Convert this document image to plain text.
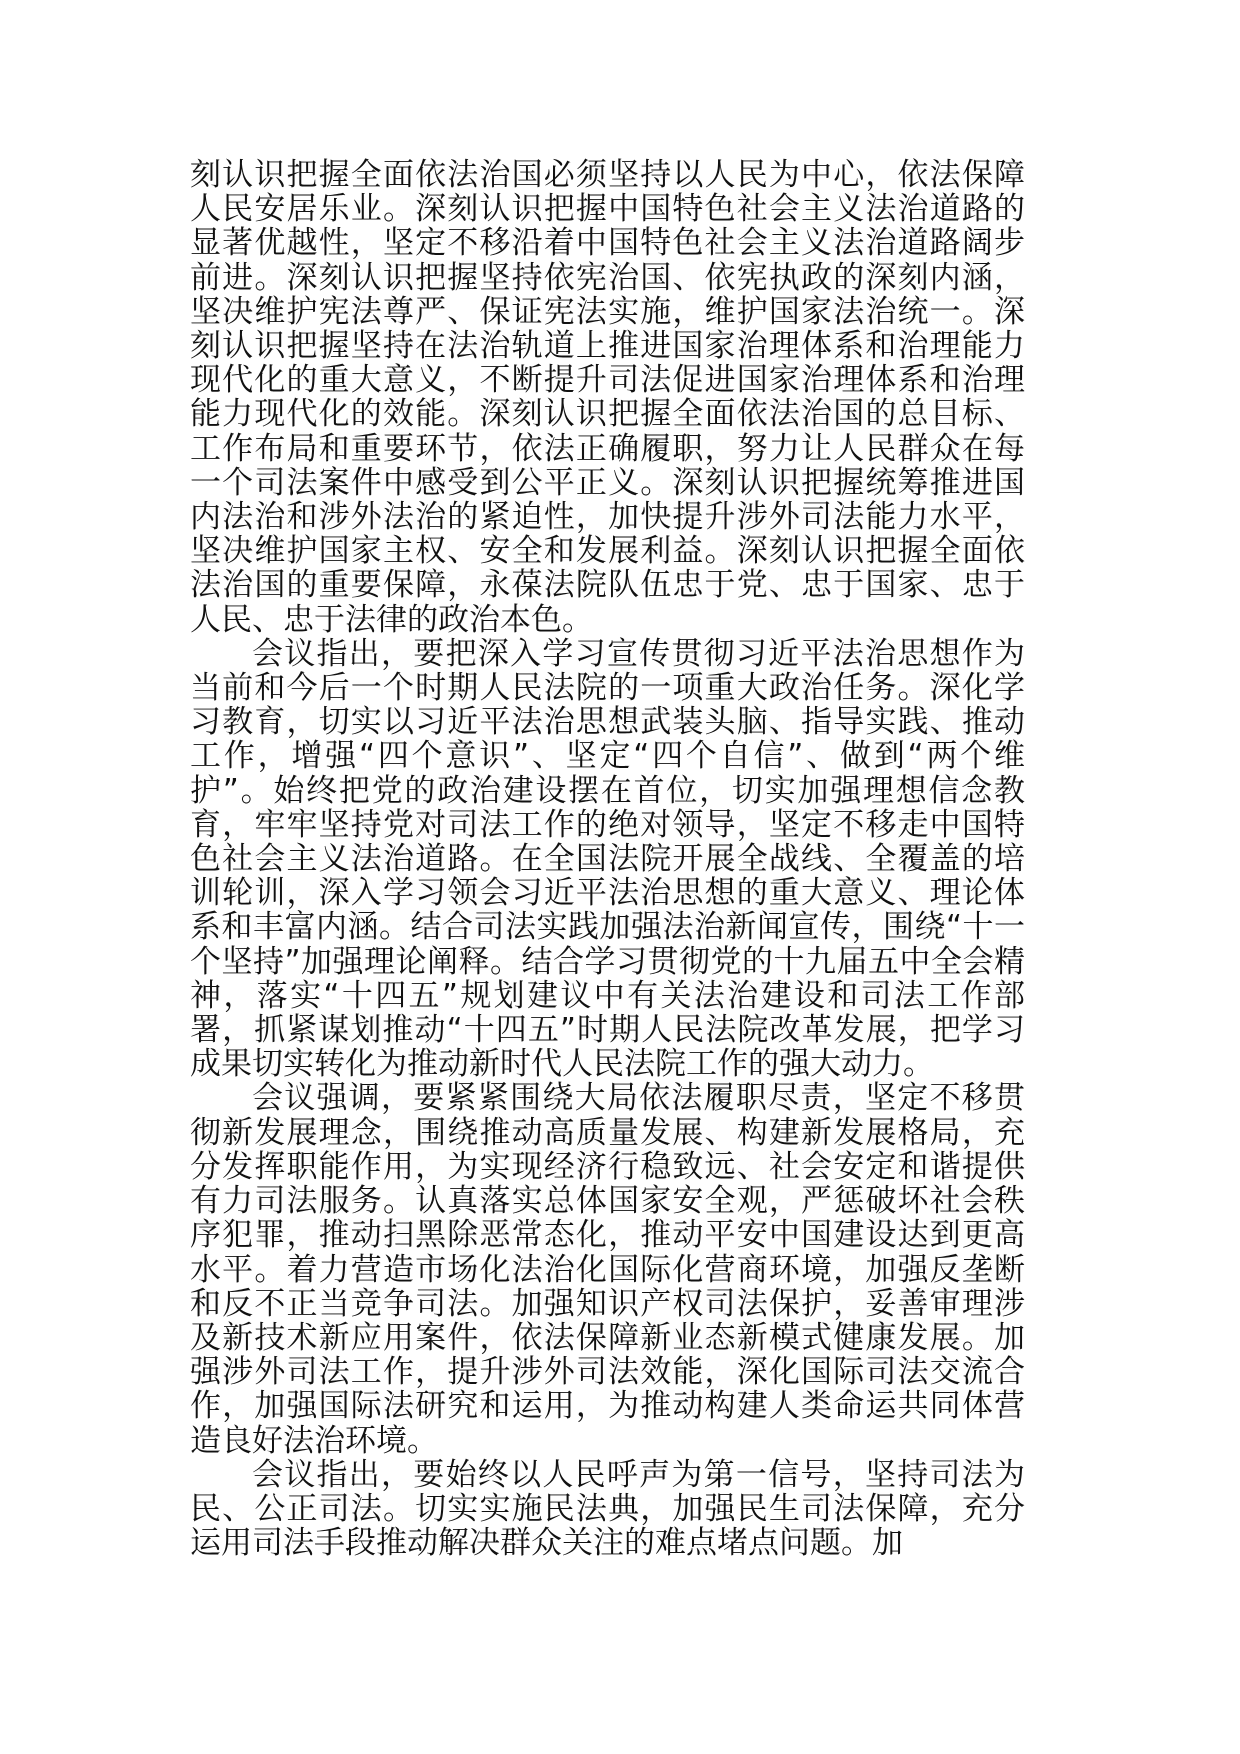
刻认识把握全面依法治国必须坚持以人民为中心，依法保障人民安居乐业。深刻认识把握中国特色社会主义法治道路的显著优越性，坚定不移沿着中国特色社会主义法治道路阔步前进。深刻认识把握坚持依宪治国、依宪执政的深刻内涵，坚决维护宪法尊严、保证宪法实施，维护国家法治统一。深刻认识把握坚持在法治轨道上推进国家治理体系和治理能力现代化的重大意义，不断提升司法促进国家治理体系和治理能力现代化的效能。深刻认识把握全面依法治国的总目标、工作布局和重要环节，依法正确履职，努力让人民群众在每一个司法案件中感受到公平正义。深刻认识把握统筹推进国内法治和涉外法治的紧迫性，加快提升涉外司法能力水平，坚决维护国家主权、安全和发展利益。深刻认识把握全面依法治国的重要保障，永葆法院队伍忠于党、忠于国家、忠于人民、忠于法律的政治本色。

会议指出，要把深入学习宣传贯彻习近平法治思想作为当前和今后一个时期人民法院的一项重大政治任务。深化学习教育，切实以习近平法治思想武装头脑、指导实践、推动工作，增强“四个意识”、坚定“四个自信”、做到“两个维护”。始终把党的政治建设摆在首位，切实加强理想信念教育，牢牢坚持党对司法工作的绝对领导，坚定不移走中国特色社会主义法治道路。在全国法院开展全战线、全覆盖的培训轮训，深入学习领会习近平法治思想的重大意义、理论体系和丰富内涵。结合司法实践加强法治新闻宣传，围绕“十一个坚持”加强理论阐释。结合学习贯彻党的十九届五中全会精神，落实“十四五”规划建议中有关法治建设和司法工作部署，抓紧谋划推动“十四五”时期人民法院改革发展，把学习成果切实转化为推动新时代人民法院工作的强大动力。

会议强调，要紧紧围绕大局依法履职尽责，坚定不移贯彻新发展理念，围绕推动高质量发展、构建新发展格局，充分发挥职能作用，为实现经济行稳致远、社会安定和谐提供有力司法服务。认真落实总体国家安全观，严惩破坏社会秩序犯罪，推动扫黑除恶常态化，推动平安中国建设达到更高水平。着力营造市场化法治化国际化营商环境，加强反垄断和反不正当竞争司法。加强知识产权司法保护，妥善审理涉及新技术新应用案件，依法保障新业态新模式健康发展。加强涉外司法工作，提升涉外司法效能，深化国际司法交流合作，加强国际法研究和运用，为推动构建人类命运共同体营造良好法治环境。

会议指出，要始终以人民呼声为第一信号，坚持司法为民、公正司法。切实实施民法典，加强民生司法保障，充分运用司法手段推动解决群众关注的难点堵点问题。加
